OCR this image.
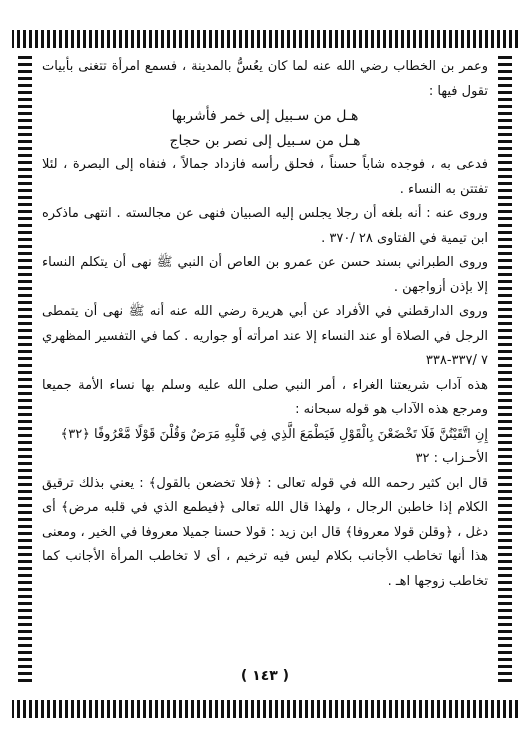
وعمر بن الخطاب رضي الله عنه لما كان يعُسُّ بالمدينة ، فسمع امرأة تتغنى بأبيات تقول فيها :

هـل من سـبيل إلى خمر فأشربها

هـل من سـبيل إلى نصر بن حجاج

فدعى به ، فوجده شاباً حسناً ، فحلق رأسه فازداد جمالاً ، فنفاه إلى البصرة ، لئلا تفتتن به النساء .

وروى عنه : أنه بلغه أن رجلا يجلس إليه الصبيان فنهى عن مجالسته . انتهى ماذكره ابن تيمية في الفتاوى ٢٨ /٣٧٠ .

وروى الطبراني بسند حسن عن عمرو بن العاص أن النبي ﷺ نهى أن يتكلم النساء إلا بإذن أزواجهن .

وروى الدارقطني في الأفراد عن أبي هريرة رضي الله عنه أنه ﷺ نهى أن يتمطى الرجل في الصلاة أو عند النساء إلا عند امرأته أو جواريه . كما في التفسير المظهري ٧ /٣٣٧-٣٣٨

هذه آداب شريعتنا الغراء ، أمر النبي صلى الله عليه وسلم بها نساء الأمة جميعا ومرجع هذه الآداب هو قوله سبحانه :

إِنِ اتَّقَيْتُنَّ فَلَا تَخْضَعْنَ بِالْقَوْلِ فَيَطْمَعَ الَّذِي فِي قَلْبِهِ مَرَضٌ وَقُلْنَ قَوْلًا مَّعْرُوفًا ﴿٣٢﴾

الأحـزاب : ٣٢

قال ابن كثير رحمه الله في قوله تعالى : ﴿فلا تخضعن بالقول﴾ : يعني بذلك ترقيق الكلام إذا خاطبن الرجال ، ولهذا قال الله تعالى ﴿فيطمع الذي في قلبه مرض﴾ أى دغل ، ﴿وقلن قولا معروفا﴾ قال ابن زيد : قولا حسنا جميلا معروفا في الخير ، ومعنى هذا أنها تخاطب الأجانب بكلام ليس فيه ترخيم ، أى لا تخاطب المرأة الأجانب كما تخاطب زوجها اهـ .

( ١٤٣ )
